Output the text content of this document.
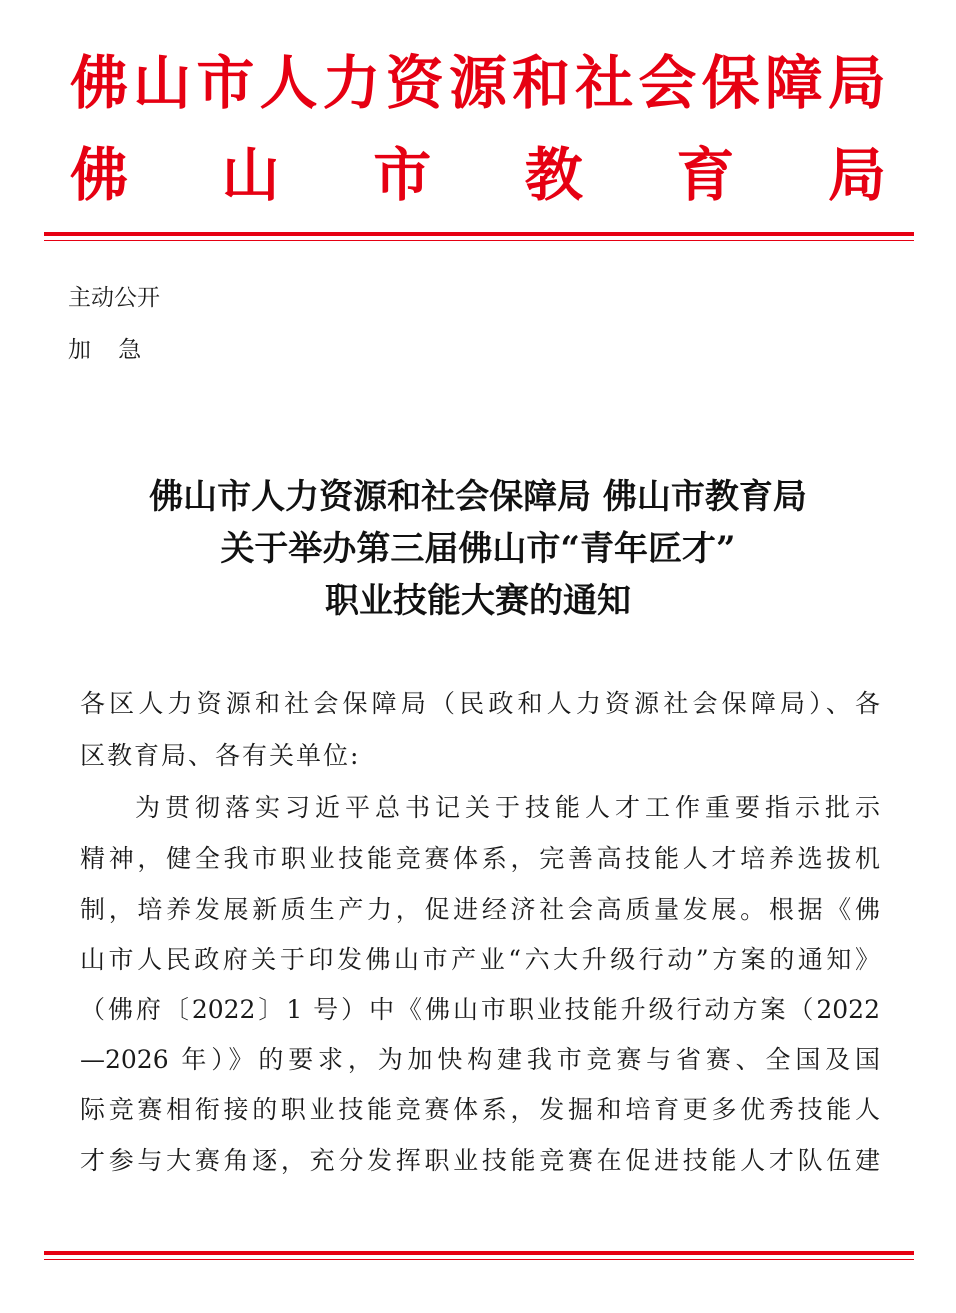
佛 山 市 人 力 资 源 和 社 会 保 障 局
佛 山 市 教 育 局
主动公开
加 急
佛山市人力资源和社会保障局 佛山市教育局
关于举办第三届佛山市“青年匠才”
职业技能大赛的通知
各区人力资源和社会保障局（民政和人力资源社会保障局）、各
区教育局、各有关单位:
为贯彻落实习近平总书记关于技能人才工作重要指示批示
精神，健全我市职业技能竞赛体系，完善高技能人才培养选拔机
制，培养发展新质生产力，促进经济社会高质量发展。根据《佛
山市人民政府关于印发佛山市产业“六大升级行动”方案的通知》
（佛府〔2022〕1 号）中《佛山市职业技能升级行动方案（2022
—2026 年）》的要求，为加快构建我市竞赛与省赛、全国及国
际竞赛相衔接的职业技能竞赛体系，发掘和培育更多优秀技能人
才参与大赛角逐，充分发挥职业技能竞赛在促进技能人才队伍建
